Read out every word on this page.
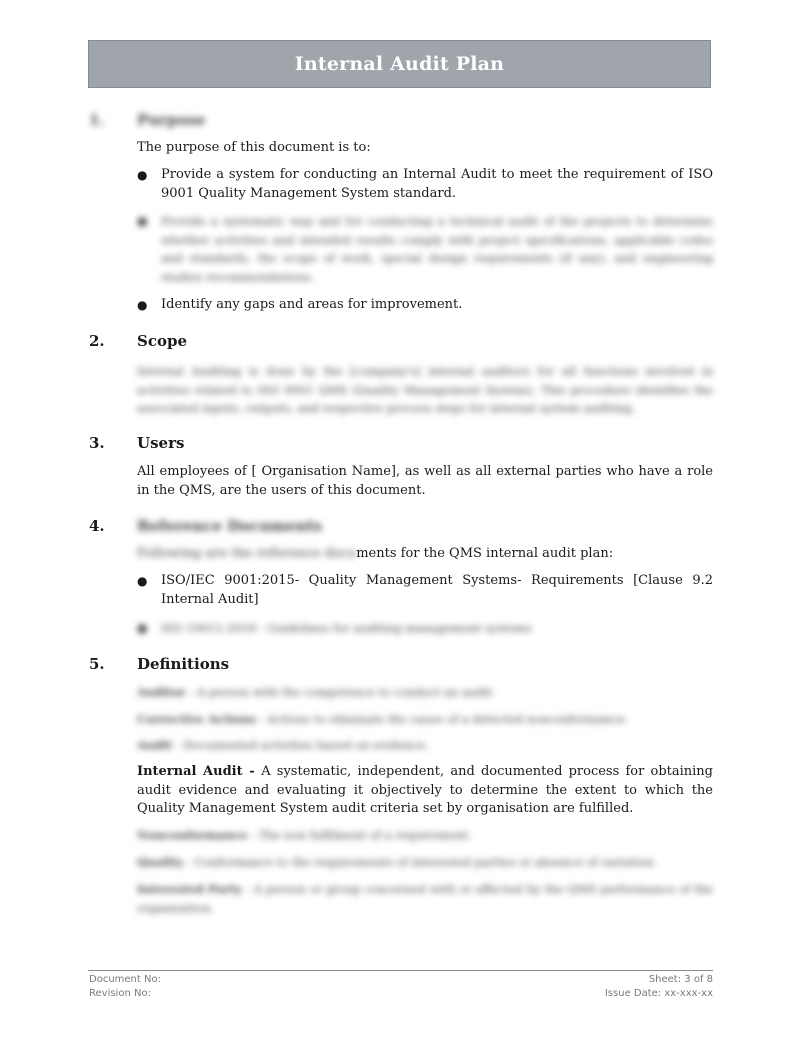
Internal Audit Plan
1. Purpose
The purpose of this document is to:
● Provide a system for conducting an Internal Audit to meet the requirement of ISO 9001 Quality Management System standard.
● Provide a systematic way and for conducting a technical audit of the projects to determine whether activities and intended results comply with project specifications, applicable codes and standards, the scope of work, special design requirements (if any), and engineering studies recommendations.
● Identify any gaps and areas for improvement.
2. Scope
Internal Auditing is done by the [company's] internal auditors for all functions involved in activities related to ISO 9001 QMS (Quality Management System). This procedure identifies the associated inputs, outputs, and respective process steps for internal system auditing.
3. Users
All employees of [ Organisation Name], as well as all external parties who have a role in the QMS, are the users of this document.
4. Reference Documents
Following are the reference documents for the QMS internal audit plan:
● ISO/IEC 9001:2015- Quality Management Systems- Requirements [Clause 9.2 Internal Audit]
● ISO 19011:2018 - Guidelines for auditing management systems
5. Definitions
Auditor - A person with the competence to conduct an audit.
Corrective Actions - Actions to eliminate the cause of a detected nonconformance.
Audit - Documented activities based on evidence.
Internal Audit - A systematic, independent, and documented process for obtaining audit evidence and evaluating it objectively to determine the extent to which the Quality Management System audit criteria set by organisation are fulfilled.
Nonconformance - The non fulfilment of a requirement.
Quality - Conformance to the requirements of interested parties or absence of variation.
Interested Party - A person or group concerned with or affected by the QMS performance of the organisation.
Document No:
Revision No:
Sheet: 3 of 8
Issue Date: xx-xxx-xx
